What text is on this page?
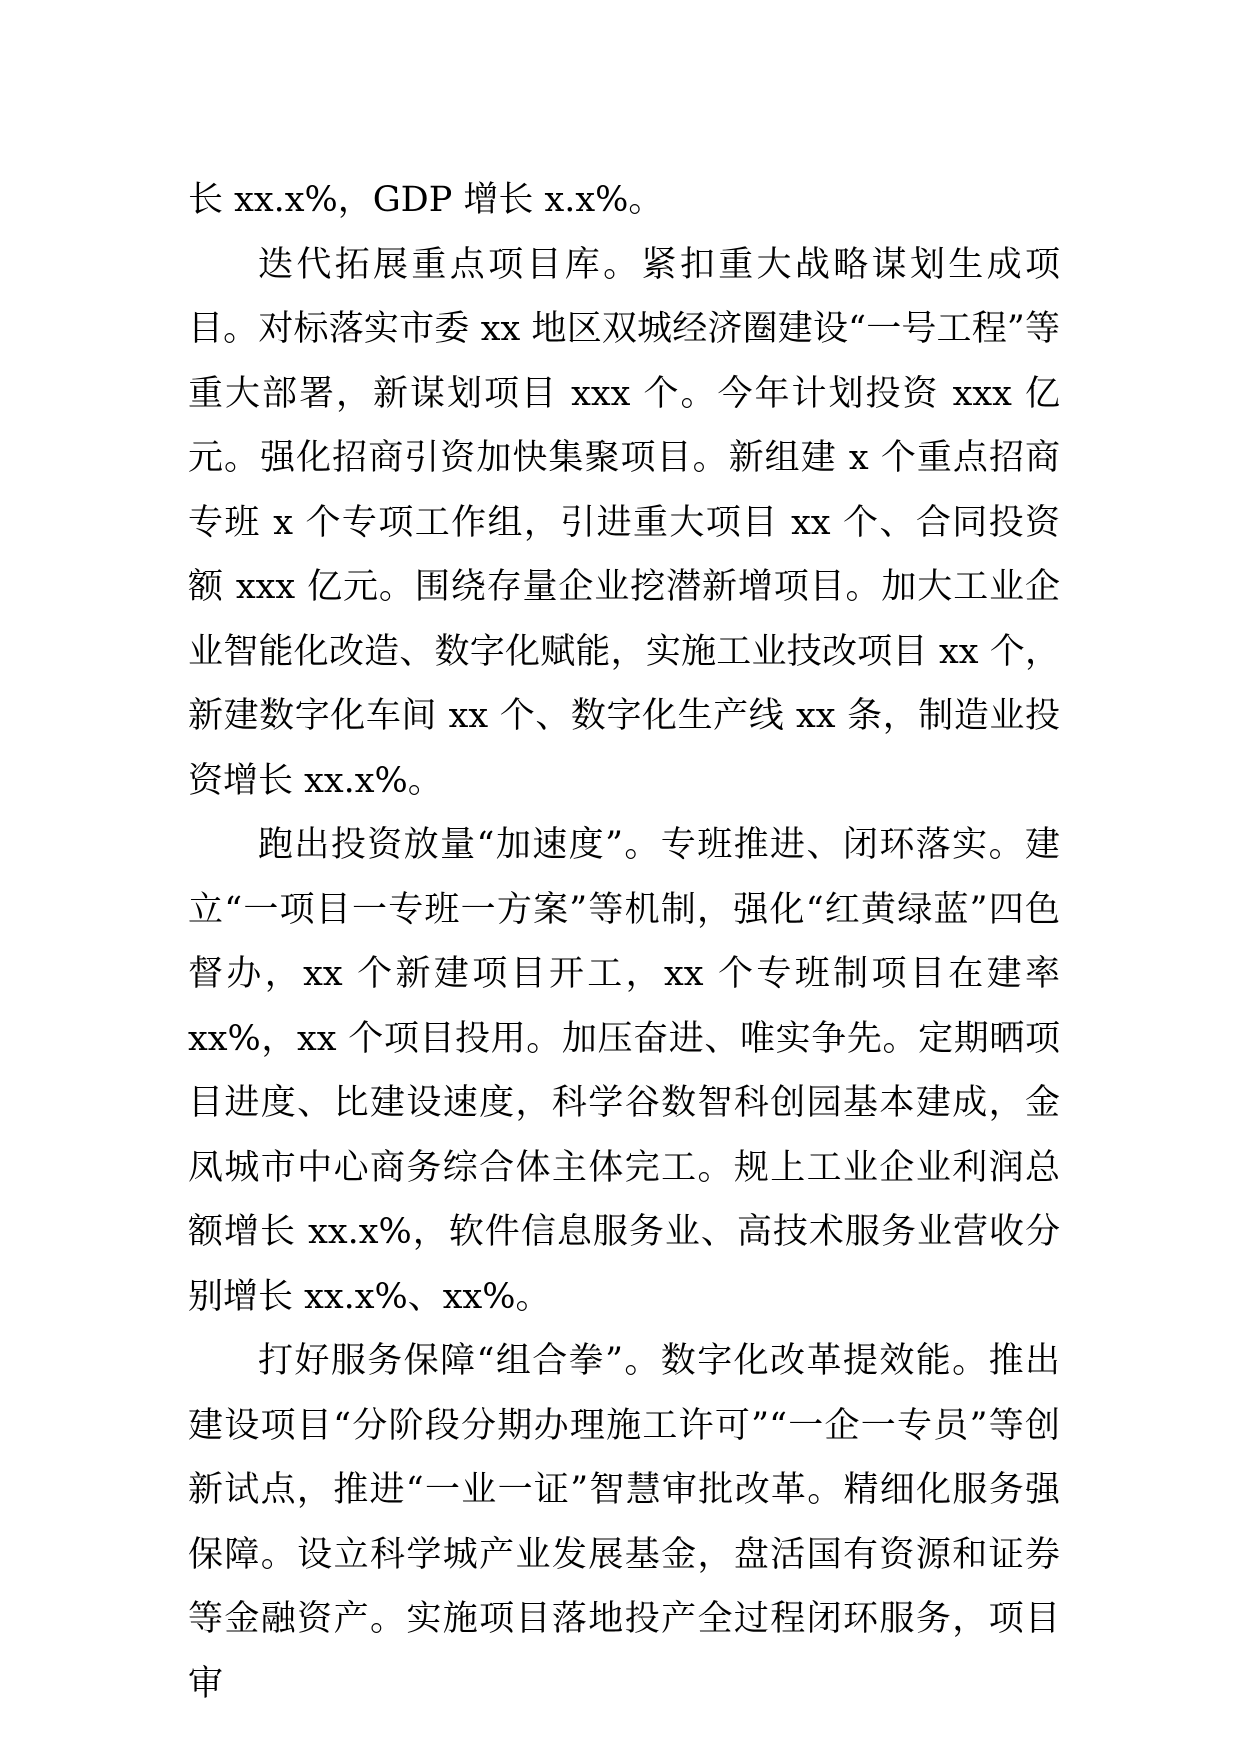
长 xx.x%，GDP 增长 x.x%。

迭代拓展重点项目库。紧扣重大战略谋划生成项目。对标落实市委 xx 地区双城经济圈建设“一号工程”等重大部署，新谋划项目 xxx 个。今年计划投资 xxx 亿元。强化招商引资加快集聚项目。新组建 x 个重点招商专班 x 个专项工作组，引进重大项目 xx 个、合同投资额 xxx 亿元。围绕存量企业挖潜新增项目。加大工业企业智能化改造、数字化赋能，实施工业技改项目 xx 个，新建数字化车间 xx 个、数字化生产线 xx 条，制造业投资增长 xx.x%。

跑出投资放量“加速度”。专班推进、闭环落实。建立“一项目一专班一方案”等机制，强化“红黄绿蓝”四色督办，xx 个新建项目开工，xx 个专班制项目在建率 xx%，xx 个项目投用。加压奋进、唯实争先。定期晒项目进度、比建设速度，科学谷数智科创园基本建成，金凤城市中心商务综合体主体完工。规上工业企业利润总额增长 xx.x%，软件信息服务业、高技术服务业营收分别增长 xx.x%、xx%。

打好服务保障“组合拳”。数字化改革提效能。推出建设项目“分阶段分期办理施工许可”“一企一专员”等创新试点，推进“一业一证”智慧审批改革。精细化服务强保障。设立科学城产业发展基金，盘活国有资源和证券等金融资产。实施项目落地投产全过程闭环服务，项目审
